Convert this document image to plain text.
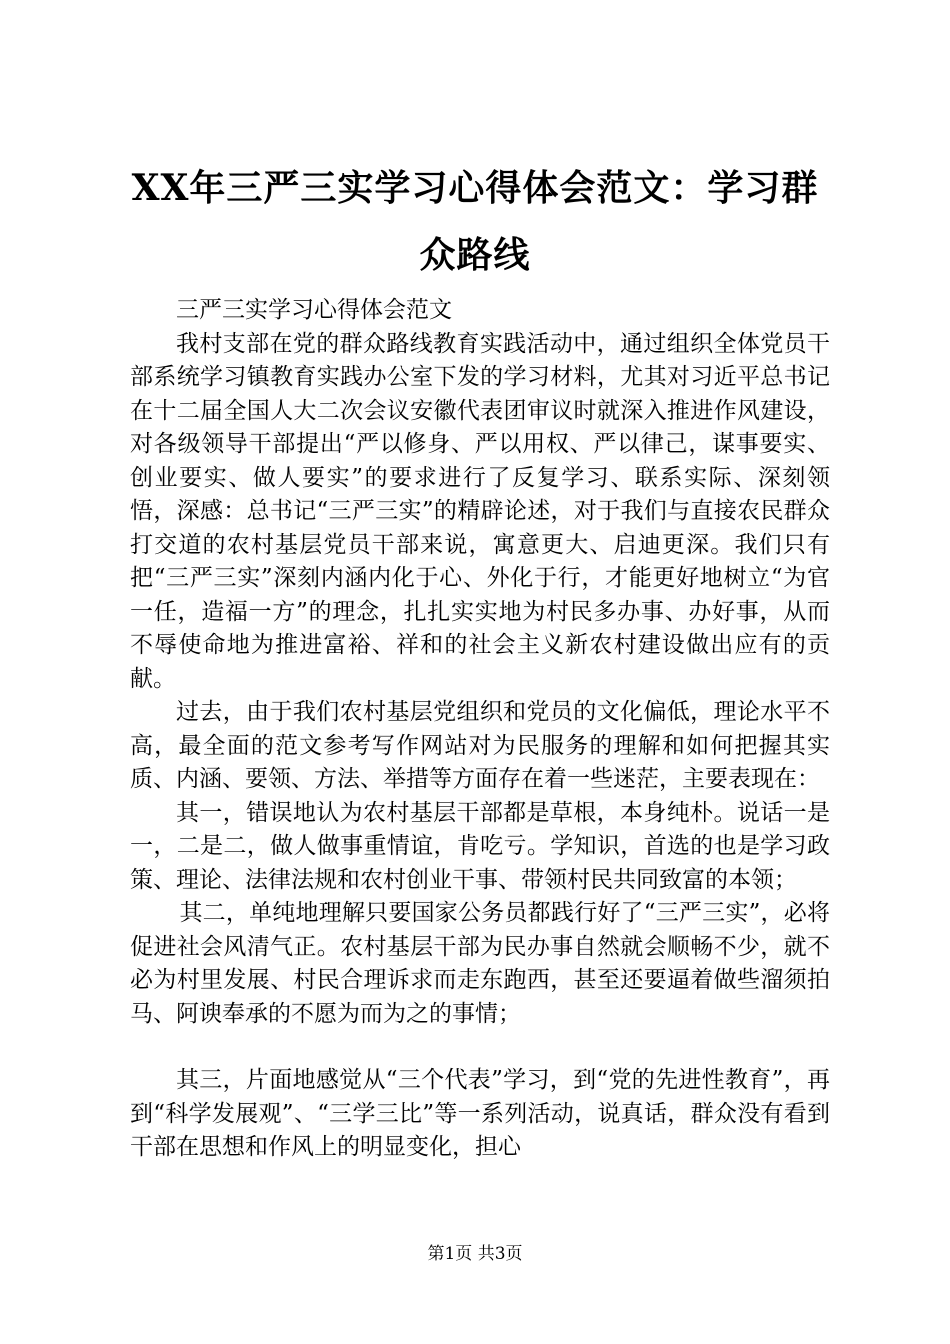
XX年三严三实学习心得体会范文：学习群众路线

三严三实学习心得体会范文

我村支部在党的群众路线教育实践活动中，通过组织全体党员干部系统学习镇教育实践办公室下发的学习材料，尤其对习近平总书记在十二届全国人大二次会议安徽代表团审议时就深入推进作风建设，对各级领导干部提出“严以修身、严以用权、严以律己，谋事要实、创业要实、做人要实”的要求进行了反复学习、联系实际、深刻领悟，深感：总书记“三严三实”的精辟论述，对于我们与直接农民群众打交道的农村基层党员干部来说，寓意更大、启迪更深。我们只有把“三严三实”深刻内涵内化于心、外化于行，才能更好地树立“为官一任，造福一方”的理念，扎扎实实地为村民多办事、办好事，从而不辱使命地为推进富裕、祥和的社会主义新农村建设做出应有的贡献。

过去，由于我们农村基层党组织和党员的文化偏低，理论水平不高，最全面的范文参考写作网站对为民服务的理解和如何把握其实质、内涵、要领、方法、举措等方面存在着一些迷茫，主要表现在：

其一，错误地认为农村基层干部都是草根，本身纯朴。说话一是一，二是二，做人做事重情谊，肯吃亏。学知识，首选的也是学习政策、理论、法律法规和农村创业干事、带领村民共同致富的本领；

其二，单纯地理解只要国家公务员都践行好了“三严三实”，必将促进社会风清气正。农村基层干部为民办事自然就会顺畅不少，就不必为村里发展、村民合理诉求而走东跑西，甚至还要逼着做些溜须拍马、阿谀奉承的不愿为而为之的事情；

其三，片面地感觉从“三个代表”学习，到“党的先进性教育”，再到“科学发展观”、“三学三比”等一系列活动，说真话，群众没有看到干部在思想和作风上的明显变化，担心

第1页 共3页
